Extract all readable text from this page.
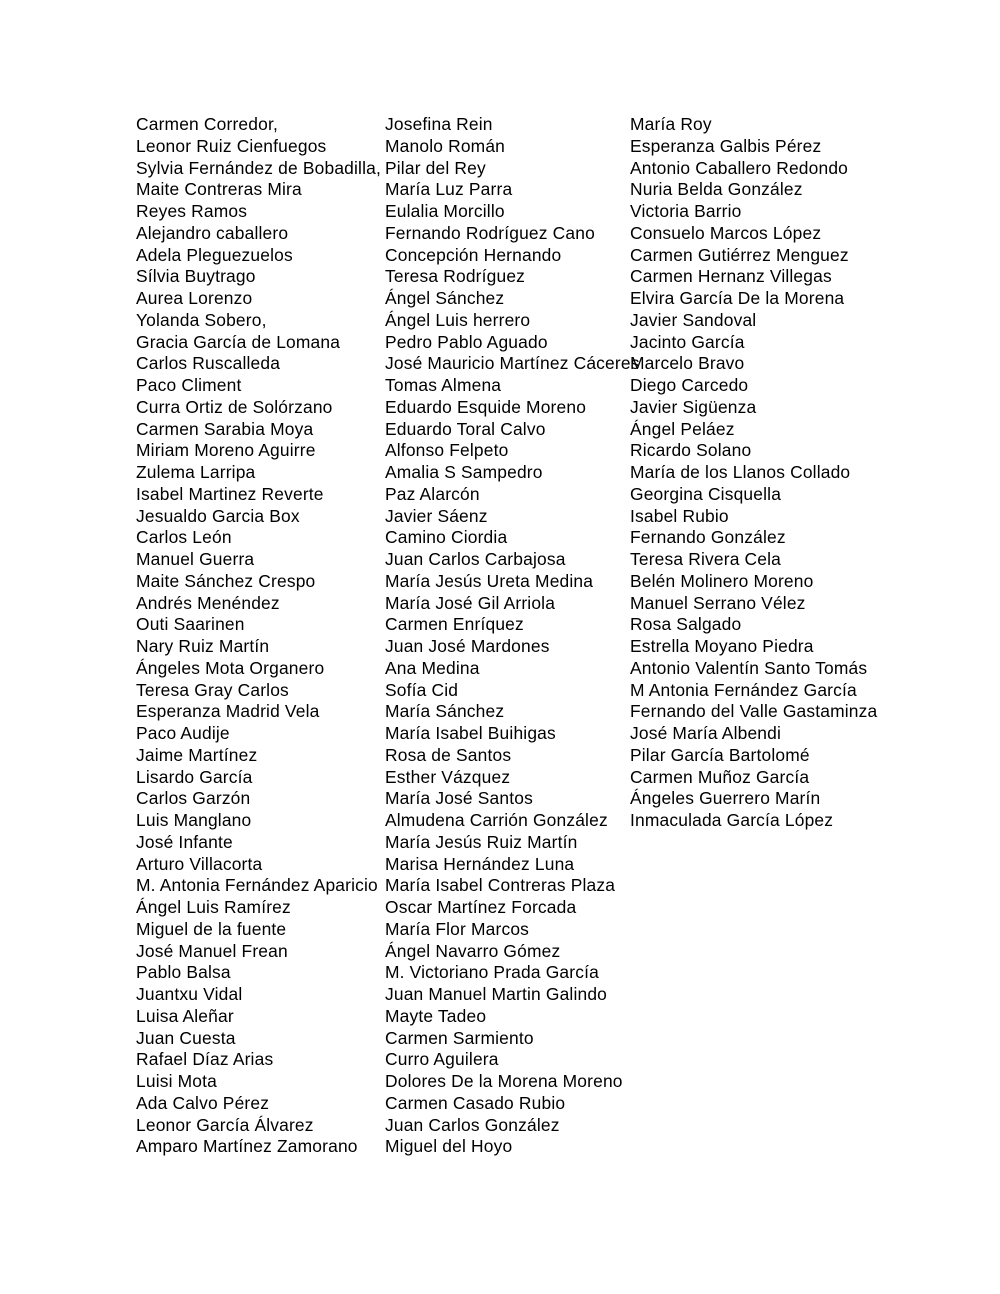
Carmen Corredor,
Leonor Ruiz Cienfuegos
Sylvia Fernández de Bobadilla,
Maite Contreras Mira
Reyes Ramos
Alejandro caballero
Adela Pleguezuelos
Sílvia Buytrago
Aurea Lorenzo
Yolanda Sobero,
Gracia García de Lomana
Carlos Ruscalleda
Paco Climent
Curra Ortiz de Solórzano
Carmen Sarabia Moya
Miriam Moreno Aguirre
Zulema Larripa
Isabel Martinez Reverte
Jesualdo Garcia Box
Carlos León
Manuel Guerra
Maite Sánchez Crespo
Andrés Menéndez
Outi Saarinen
Nary Ruiz Martín
Ángeles Mota Organero
Teresa Gray Carlos
Esperanza Madrid Vela
Paco Audije
Jaime Martínez
Lisardo García
Carlos Garzón
Luis Manglano
José Infante
Arturo Villacorta
M. Antonia Fernández Aparicio
Ángel Luis Ramírez
Miguel de la fuente
José Manuel Frean
Pablo Balsa
Juantxu Vidal
Luisa Aleñar
Juan Cuesta
Rafael Díaz Arias
Luisi Mota
Ada Calvo Pérez
Leonor García Álvarez
Amparo Martínez Zamorano
Josefina Rein
Manolo Román
Pilar del Rey
María Luz Parra
Eulalia Morcillo
Fernando Rodríguez Cano
Concepción Hernando
Teresa Rodríguez
Ángel Sánchez
Ángel Luis herrero
Pedro Pablo Aguado
José Mauricio Martínez Cáceres
Tomas Almena
Eduardo Esquide Moreno
Eduardo Toral Calvo
Alfonso Felpeto
Amalia S Sampedro
Paz Alarcón
Javier Sáenz
Camino Ciordia
Juan Carlos Carbajosa
María Jesús Ureta Medina
María José Gil Arriola
Carmen Enríquez
Juan José Mardones
Ana Medina
Sofía Cid
María Sánchez
María Isabel Buihigas
Rosa de Santos
Esther Vázquez
María José Santos
Almudena Carrión González
María Jesús Ruiz Martín
Marisa Hernández Luna
María Isabel Contreras Plaza
Oscar Martínez Forcada
María Flor Marcos
Ángel Navarro Gómez
M. Victoriano Prada García
Juan Manuel Martin Galindo
Mayte Tadeo
Carmen Sarmiento
Curro Aguilera
Dolores De la Morena Moreno
Carmen Casado Rubio
Juan Carlos González
Miguel del Hoyo
María Roy
Esperanza Galbis Pérez
Antonio Caballero Redondo
Nuria Belda González
Victoria Barrio
Consuelo Marcos López
Carmen Gutiérrez Menguez
Carmen Hernanz Villegas
Elvira García De la Morena
Javier Sandoval
Jacinto García
Marcelo Bravo
Diego Carcedo
Javier Sigüenza
Ángel Peláez
Ricardo Solano
María de los Llanos Collado
Georgina Cisquella
Isabel Rubio
Fernando González
Teresa Rivera Cela
Belén Molinero Moreno
Manuel Serrano Vélez
Rosa Salgado
Estrella Moyano Piedra
Antonio Valentín Santo Tomás
M Antonia Fernández García
Fernando del Valle Gastaminza
José María Albendi
Pilar García Bartolomé
Carmen Muñoz García
Ángeles Guerrero Marín
Inmaculada García López
